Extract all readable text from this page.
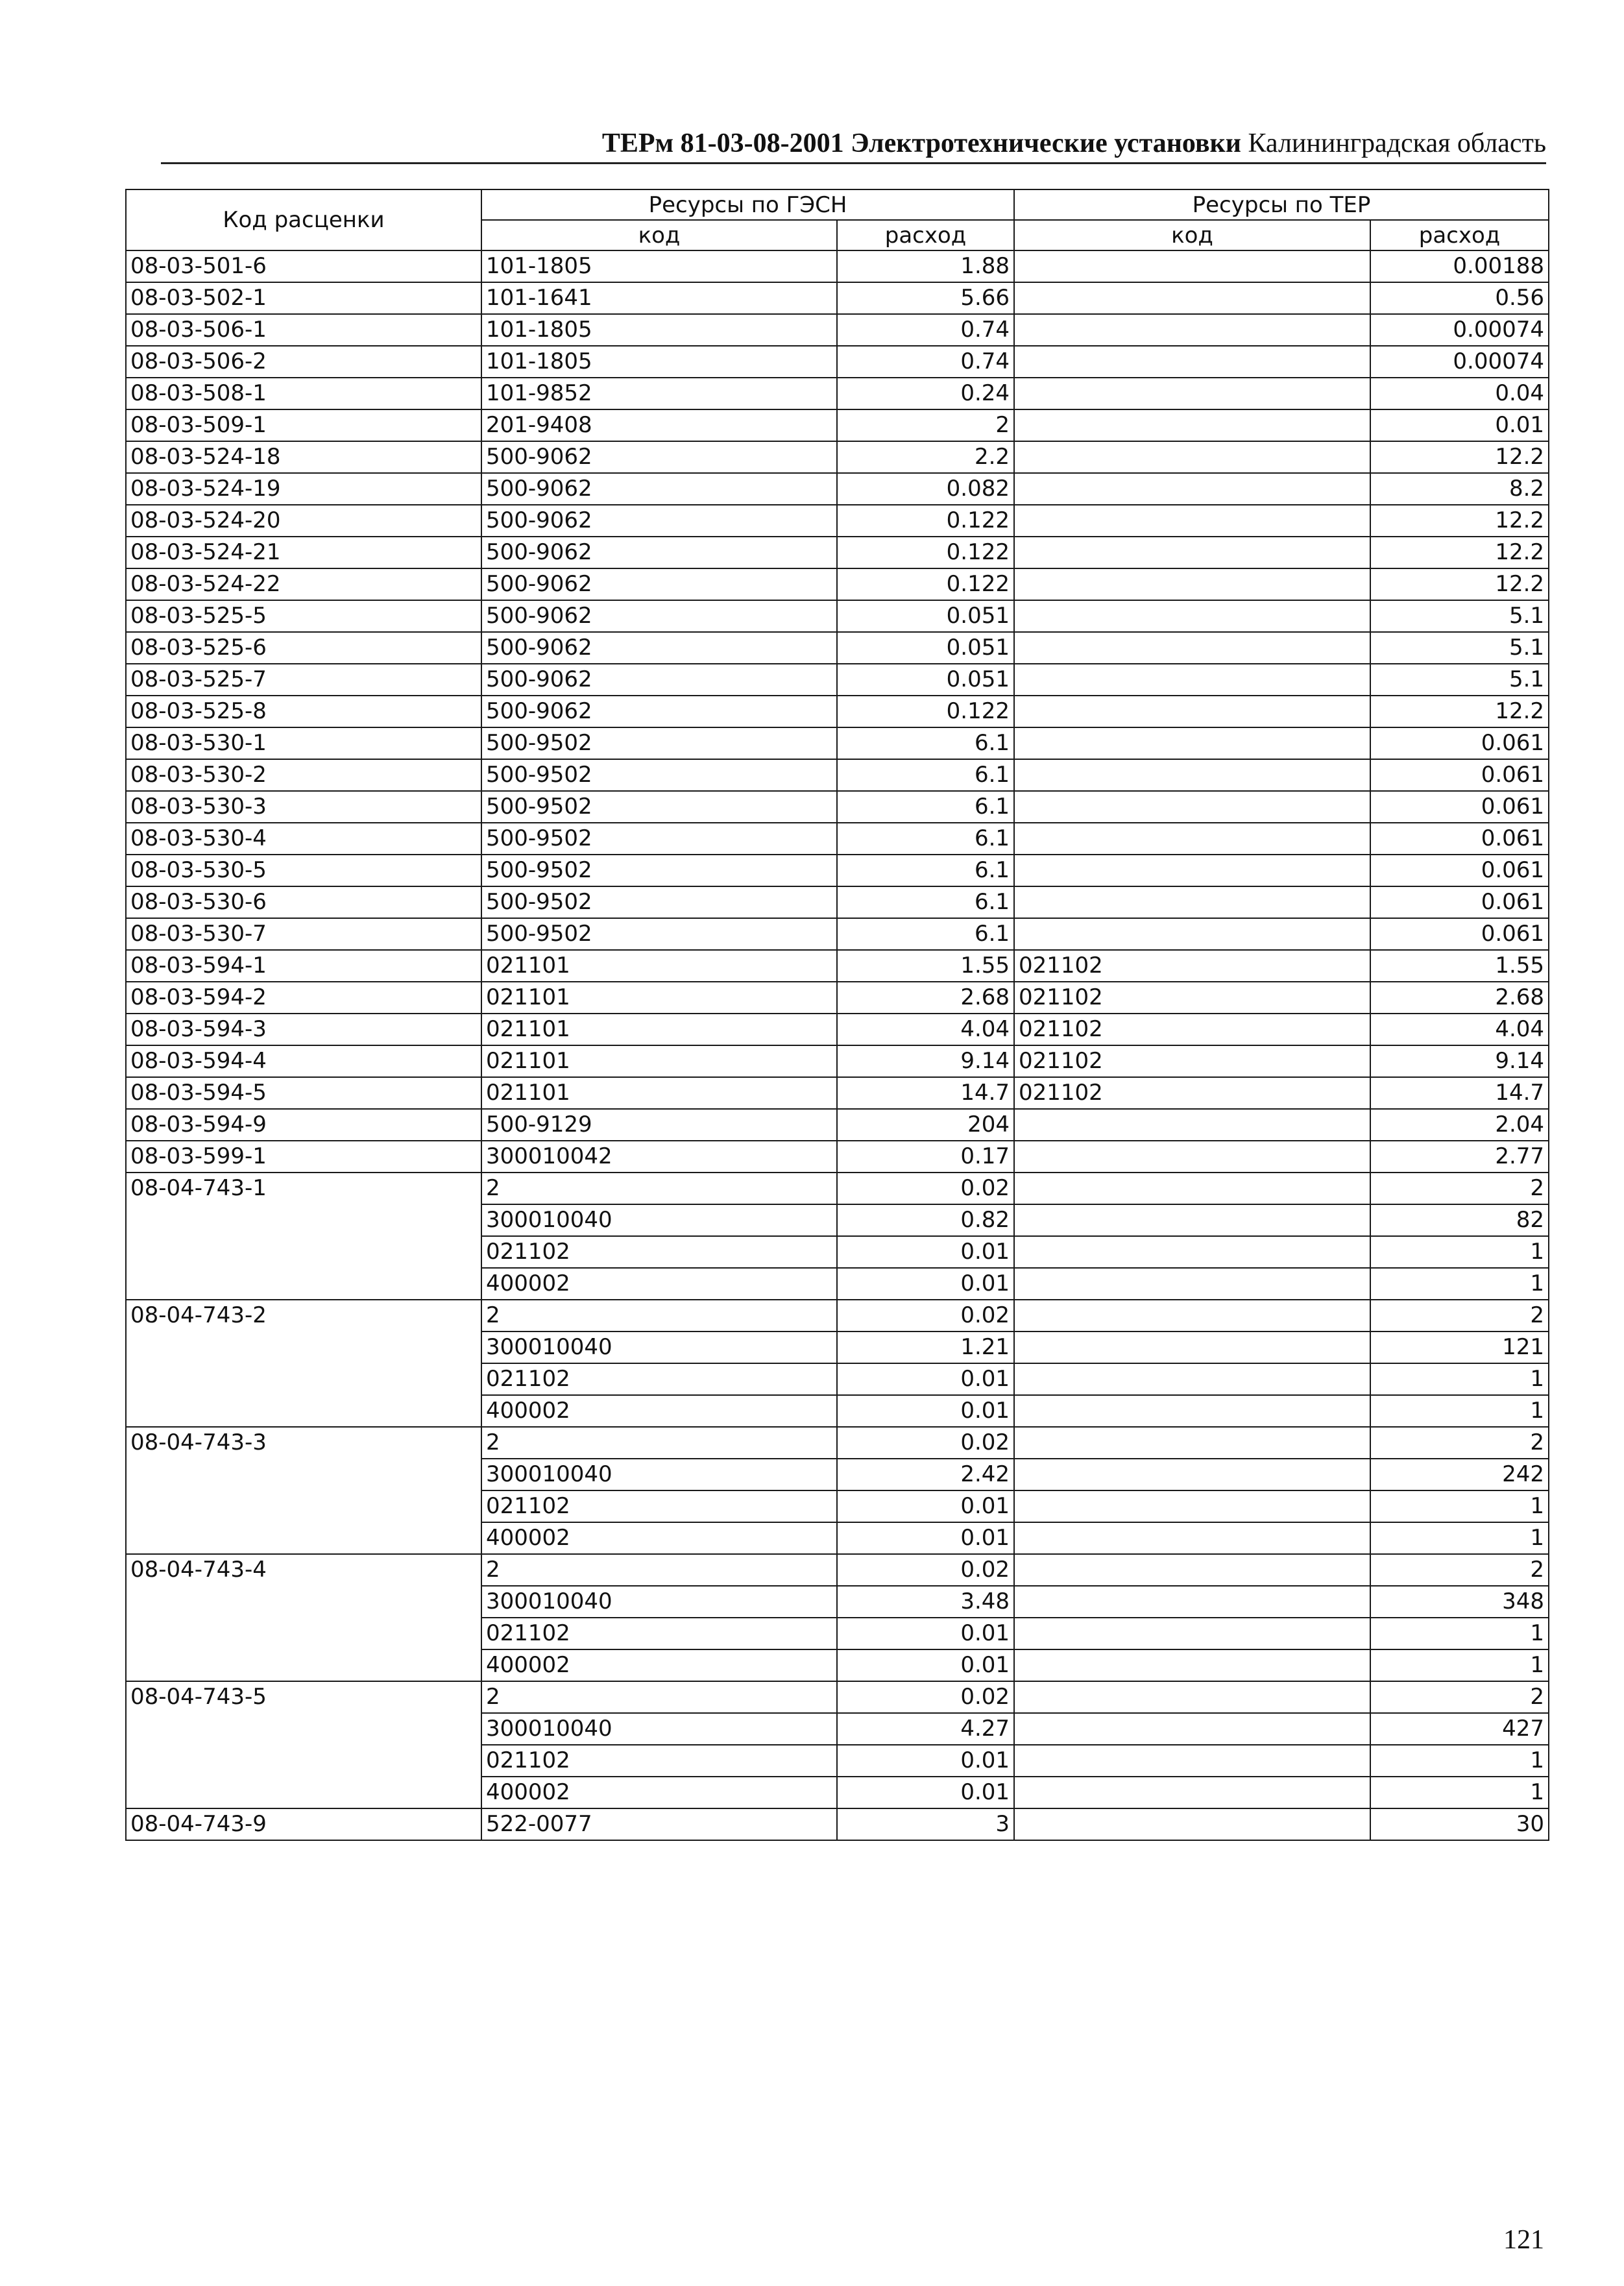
ТЕРм 81-03-08-2001 Электротехнические установки Калининградская область
Код расценки	Ресурсы по ГЭСН		Ресурсы по ТЕР	
	код	расход	код	расход
08-03-501-6	101-1805	1.88		0.00188
08-03-502-1	101-1641	5.66		0.56
08-03-506-1	101-1805	0.74		0.00074
08-03-506-2	101-1805	0.74		0.00074
08-03-508-1	101-9852	0.24		0.04
08-03-509-1	201-9408	2		0.01
08-03-524-18	500-9062	2.2		12.2
08-03-524-19	500-9062	0.082		8.2
08-03-524-20	500-9062	0.122		12.2
08-03-524-21	500-9062	0.122		12.2
08-03-524-22	500-9062	0.122		12.2
08-03-525-5	500-9062	0.051		5.1
08-03-525-6	500-9062	0.051		5.1
08-03-525-7	500-9062	0.051		5.1
08-03-525-8	500-9062	0.122		12.2
08-03-530-1	500-9502	6.1		0.061
08-03-530-2	500-9502	6.1		0.061
08-03-530-3	500-9502	6.1		0.061
08-03-530-4	500-9502	6.1		0.061
08-03-530-5	500-9502	6.1		0.061
08-03-530-6	500-9502	6.1		0.061
08-03-530-7	500-9502	6.1		0.061
08-03-594-1	021101	1.55	021102	1.55
08-03-594-2	021101	2.68	021102	2.68
08-03-594-3	021101	4.04	021102	4.04
08-03-594-4	021101	9.14	021102	9.14
08-03-594-5	021101	14.7	021102	14.7
08-03-594-9	500-9129	204		2.04
08-03-599-1	300010042	0.17		2.77
08-04-743-1	2	0.02		2
	300010040	0.82		82
	021102	0.01		1
	400002	0.01		1
08-04-743-2	2	0.02		2
	300010040	1.21		121
	021102	0.01		1
	400002	0.01		1
08-04-743-3	2	0.02		2
	300010040	2.42		242
	021102	0.01		1
	400002	0.01		1
08-04-743-4	2	0.02		2
	300010040	3.48		348
	021102	0.01		1
	400002	0.01		1
08-04-743-5	2	0.02		2
	300010040	4.27		427
	021102	0.01		1
	400002	0.01		1
08-04-743-9	522-0077	3		30
121
